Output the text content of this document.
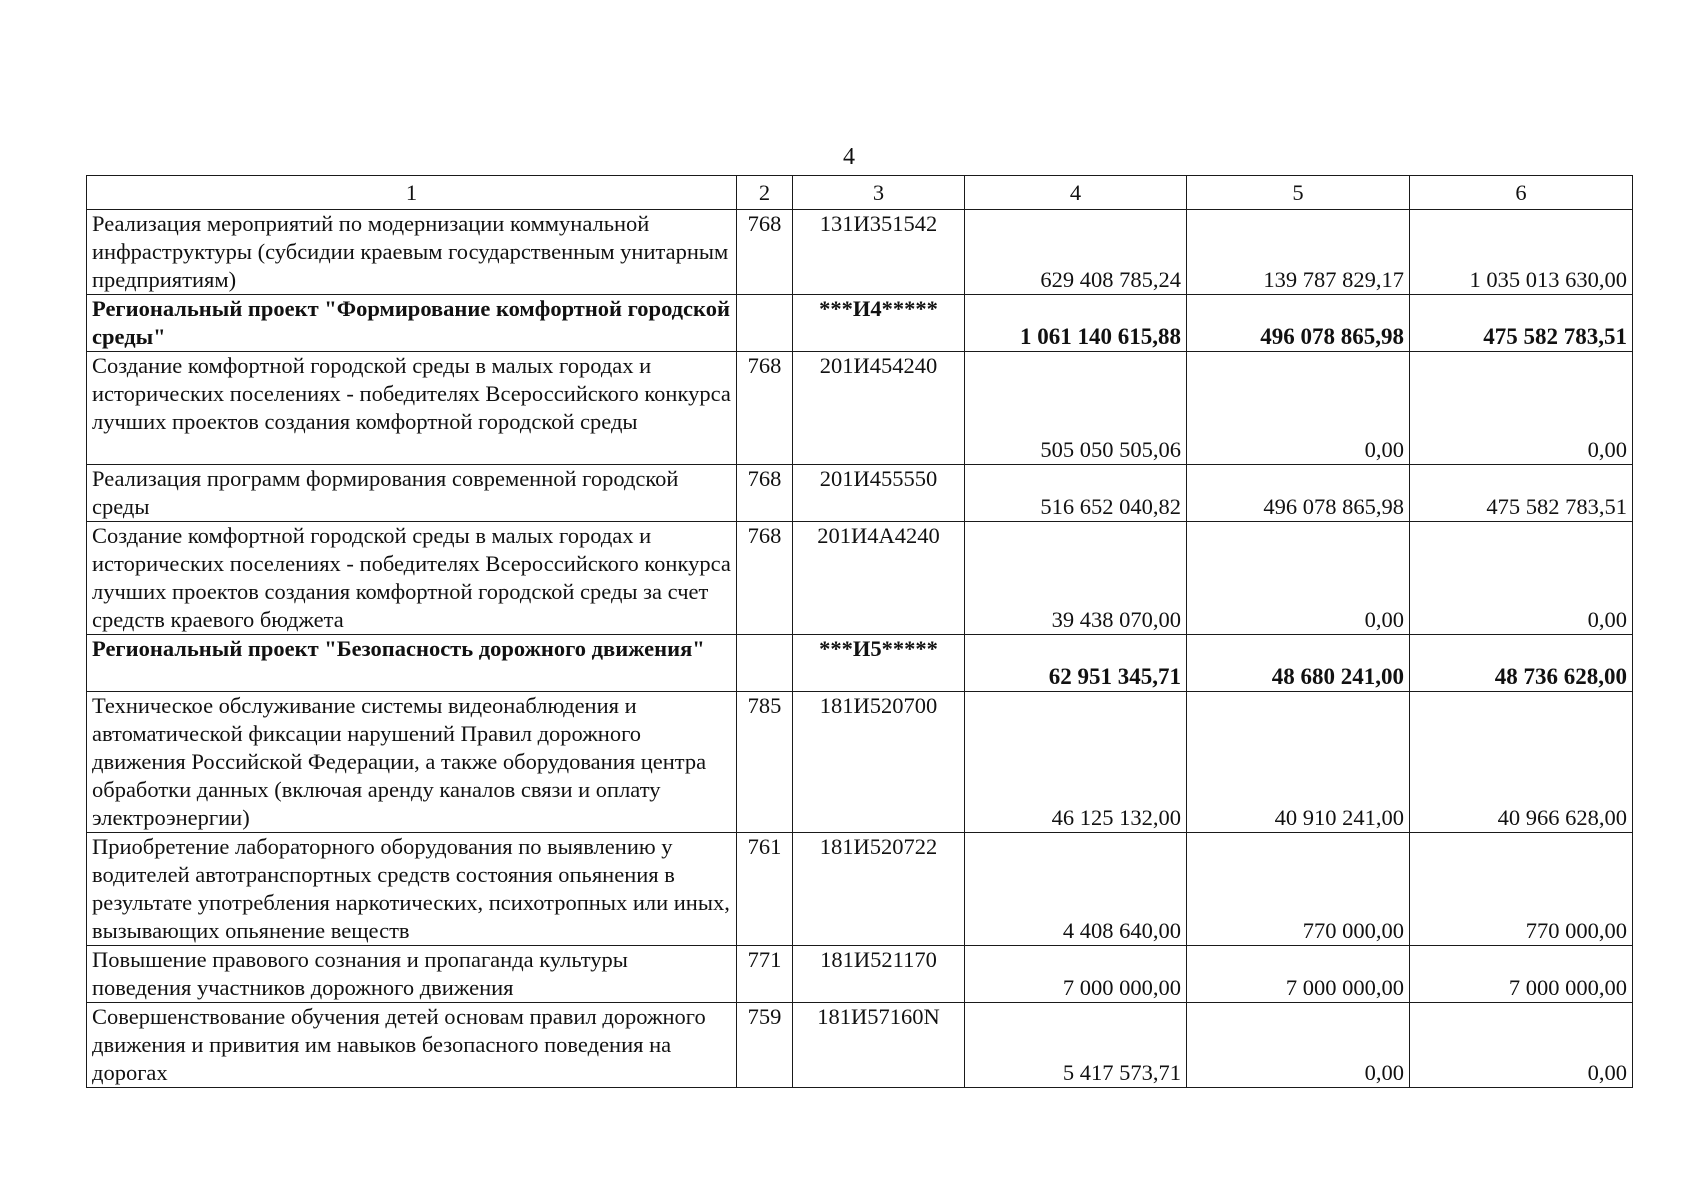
4
1	2	3	4	5	6
Реализация мероприятий по модернизации коммунальной инфраструктуры (субсидии краевым государственным унитарным предприятиям)	768	131И351542	629 408 785,24	139 787 829,17	1 035 013 630,00
Региональный проект "Формирование комфортной городской среды"		***И4*****	1 061 140 615,88	496 078 865,98	475 582 783,51
Создание комфортной городской среды в малых городах и исторических поселениях - победителях Всероссийского конкурса лучших проектов создания комфортной городской среды	768	201И454240	505 050 505,06	0,00	0,00
Реализация программ формирования современной городской среды	768	201И455550	516 652 040,82	496 078 865,98	475 582 783,51
Создание комфортной городской среды в малых городах и исторических поселениях - победителях Всероссийского конкурса лучших проектов создания комфортной городской среды за счет средств краевого бюджета	768	201И4А4240	39 438 070,00	0,00	0,00
Региональный проект "Безопасность дорожного движения"		***И5*****	62 951 345,71	48 680 241,00	48 736 628,00
Техническое обслуживание системы видеонаблюдения и автоматической фиксации нарушений Правил дорожного движения Российской Федерации, а также оборудования центра обработки данных (включая аренду каналов связи и оплату электроэнергии)	785	181И520700	46 125 132,00	40 910 241,00	40 966 628,00
Приобретение лабораторного оборудования по выявлению у водителей автотранспортных средств состояния опьянения в результате употребления наркотических, психотропных или иных, вызывающих опьянение веществ	761	181И520722	4 408 640,00	770 000,00	770 000,00
Повышение правового сознания и пропаганда культуры поведения участников дорожного движения	771	181И521170	7 000 000,00	7 000 000,00	7 000 000,00
Совершенствование обучения детей основам правил дорожного движения и привития им навыков безопасного поведения на дорогах	759	181И57160N	5 417 573,71	0,00	0,00
